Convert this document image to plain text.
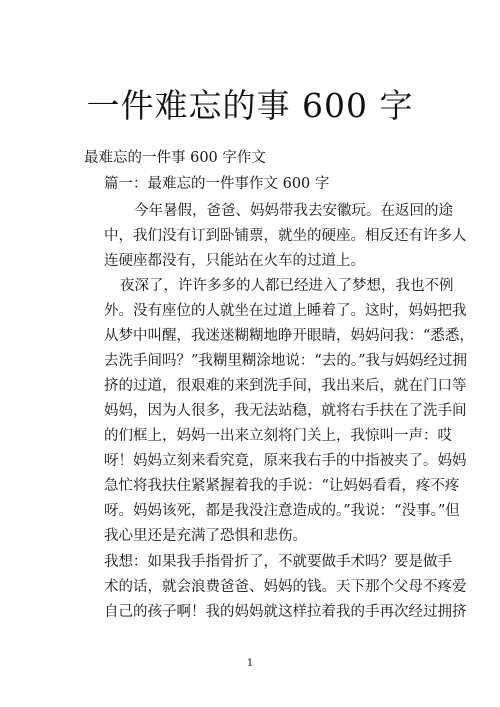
一件难忘的事 600 字
最难忘的一件事 600 字作文
篇一：最难忘的一件事作文 600 字
今年暑假，爸爸、妈妈带我去安徽玩。在返回的途
中，我们没有订到卧铺票，就坐的硬座。相反还有许多人
连硬座都没有，只能站在火车的过道上。
夜深了，许许多多的人都已经进入了梦想，我也不例
外。没有座位的人就坐在过道上睡着了。这时，妈妈把我
从梦中叫醒，我迷迷糊糊地睁开眼睛，妈妈问我：“悉悉，
去洗手间吗？”我糊里糊涂地说：“去的。”我与妈妈经过拥
挤的过道，很艰难的来到洗手间，我出来后，就在门口等
妈妈，因为人很多，我无法站稳，就将右手扶在了洗手间
的们框上，妈妈一出来立刻将门关上，我惊叫一声：哎
呀！妈妈立刻来看究竟，原来我右手的中指被夹了。妈妈
急忙将我扶住紧紧握着我的手说：“让妈妈看看，疼不疼
呀。妈妈该死，都是我没注意造成的。”我说：“没事。”但
我心里还是充满了恐惧和悲伤。
我想：如果我手指骨折了，不就要做手术吗？要是做手
术的话，就会浪费爸爸、妈妈的钱。天下那个父母不疼爱
自己的孩子啊！我的妈妈就这样拉着我的手再次经过拥挤
1
